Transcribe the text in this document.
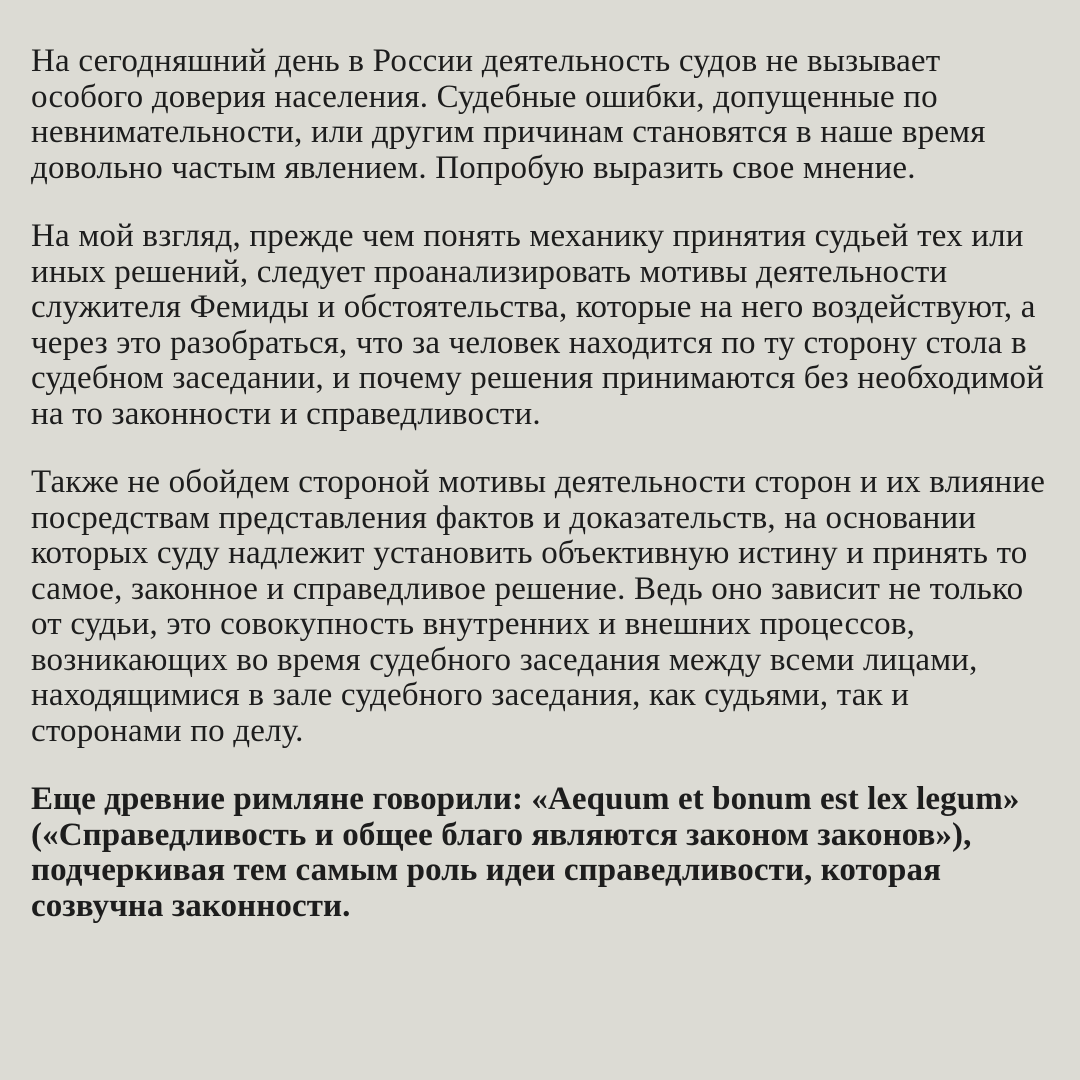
На сегодняшний день в России деятельность судов не вызывает особого доверия населения. Судебные ошибки, допущенные по невнимательности, или другим причинам становятся в наше время довольно частым явлением. Попробую выразить свое мнение.

На мой взгляд, прежде чем понять механику принятия судьей тех или иных решений, следует проанализировать мотивы деятельности служителя Фемиды и обстоятельства, которые на него воздействуют, а через это разобраться, что за человек находится по ту сторону стола в судебном заседании, и почему решения принимаются без необходимой на то законности и справедливости.

Также не обойдем стороной мотивы деятельности сторон и их влияние посредствам представления фактов и доказательств, на основании которых суду надлежит установить объективную истину и принять то самое, законное и справедливое решение. Ведь оно зависит не только от судьи, это совокупность внутренних и внешних процессов, возникающих во время судебного заседания между всеми лицами, находящимися в зале судебного заседания, как судьями, так и сторонами по делу.

Еще древние римляне говорили: «Aequum et bonum est lex legum» («Справедливость и общее благо являются законом законов»), подчеркивая тем самым роль идеи справедливости, которая созвучна законности.
